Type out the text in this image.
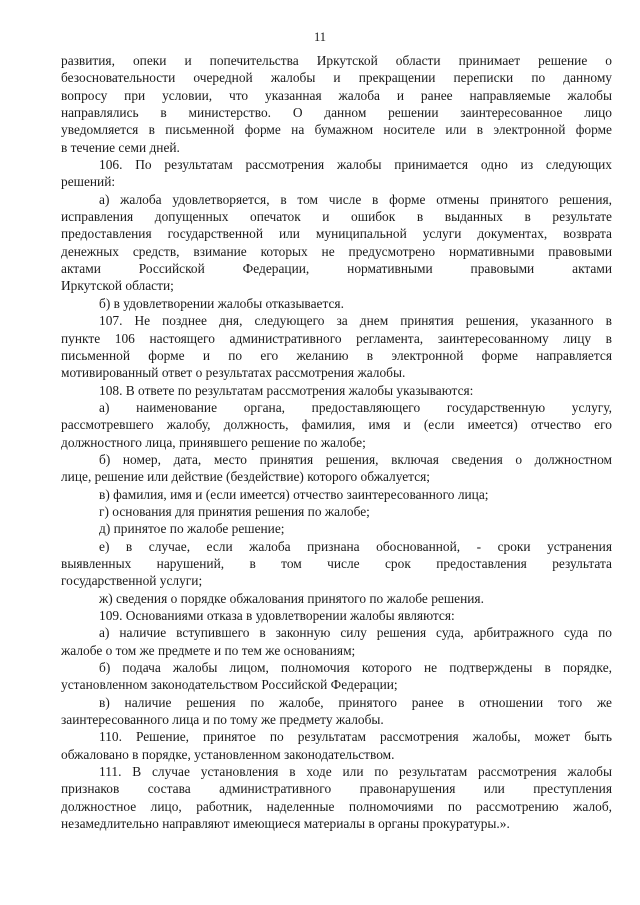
11
развития, опеки и попечительства Иркутской области принимает решение о
безосновательности очередной жалобы и прекращении переписки по данному
вопросу при условии, что указанная жалоба и ранее направляемые жалобы
направлялись в министерство. О данном решении заинтересованное лицо
уведомляется в письменной форме на бумажном носителе или в электронной форме
в течение семи дней.
106. По результатам рассмотрения жалобы принимается одно из следующих
решений:
а) жалоба удовлетворяется, в том числе в форме отмены принятого решения,
исправления допущенных опечаток и ошибок в выданных в результате
предоставления государственной или муниципальной услуги документах, возврата
денежных средств, взимание которых не предусмотрено нормативными правовыми
актами Российской Федерации, нормативными правовыми актами
Иркутской области;
б) в удовлетворении жалобы отказывается.
107. Не позднее дня, следующего за днем принятия решения, указанного в
пункте 106 настоящего административного регламента, заинтересованному лицу в
письменной форме и по его желанию в электронной форме направляется
мотивированный ответ о результатах рассмотрения жалобы.
108. В ответе по результатам рассмотрения жалобы указываются:
а) наименование органа, предоставляющего государственную услугу,
рассмотревшего жалобу, должность, фамилия, имя и (если имеется) отчество его
должностного лица, принявшего решение по жалобе;
б) номер, дата, место принятия решения, включая сведения о должностном
лице, решение или действие (бездействие) которого обжалуется;
в) фамилия, имя и (если имеется) отчество заинтересованного лица;
г) основания для принятия решения по жалобе;
д) принятое по жалобе решение;
е) в случае, если жалоба признана обоснованной, - сроки устранения
выявленных нарушений, в том числе срок предоставления результата
государственной услуги;
ж) сведения о порядке обжалования принятого по жалобе решения.
109. Основаниями отказа в удовлетворении жалобы являются:
а) наличие вступившего в законную силу решения суда, арбитражного суда по
жалобе о том же предмете и по тем же основаниям;
б) подача жалобы лицом, полномочия которого не подтверждены в порядке,
установленном законодательством Российской Федерации;
в) наличие решения по жалобе, принятого ранее в отношении того же
заинтересованного лица и по тому же предмету жалобы.
110. Решение, принятое по результатам рассмотрения жалобы, может быть
обжаловано в порядке, установленном законодательством.
111. В случае установления в ходе или по результатам рассмотрения жалобы
признаков состава административного правонарушения или преступления
должностное лицо, работник, наделенные полномочиями по рассмотрению жалоб,
незамедлительно направляют имеющиеся материалы в органы прокуратуры.».
